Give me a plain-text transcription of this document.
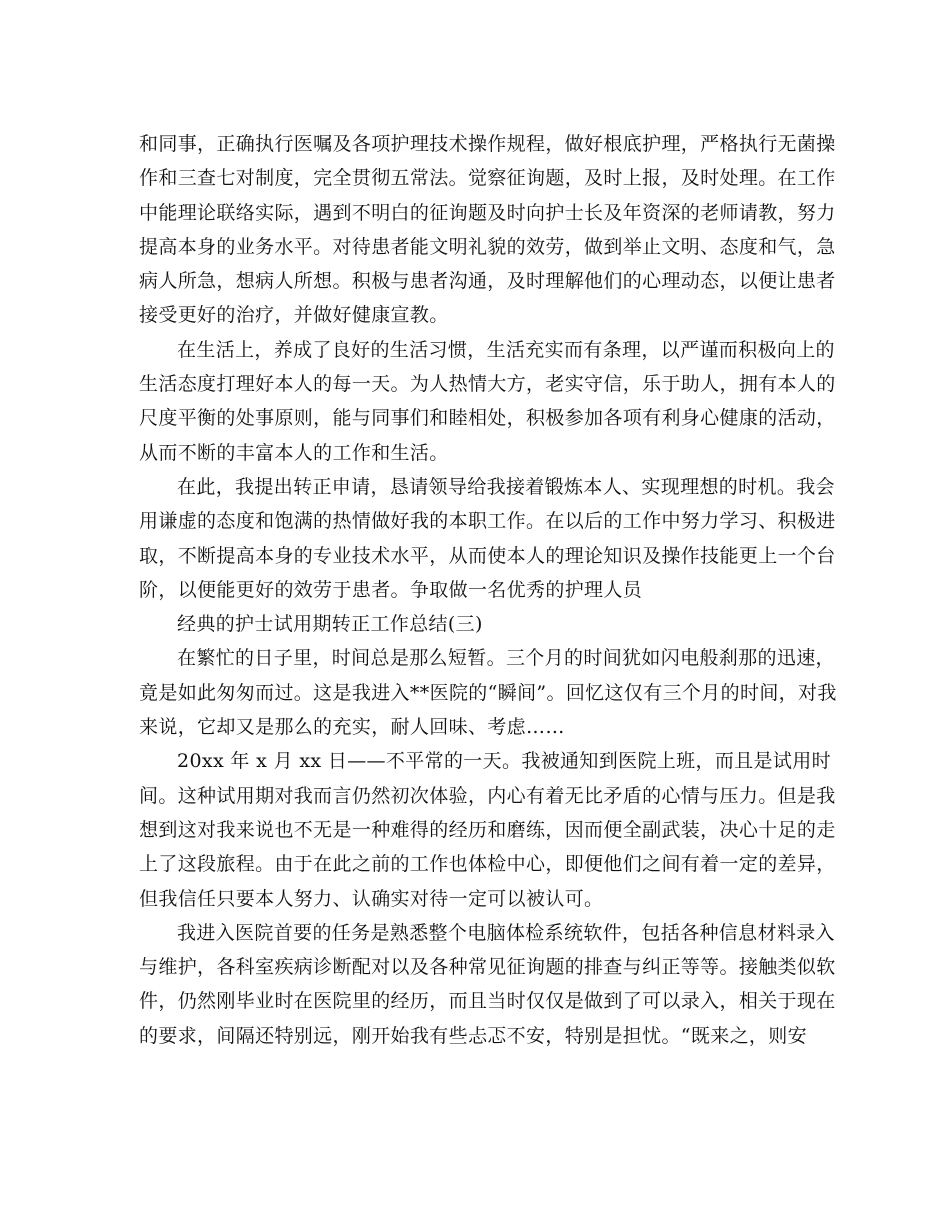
和同事，正确执行医嘱及各项护理技术操作规程，做好根底护理，严格执行无菌操
作和三查七对制度，完全贯彻五常法。觉察征询题，及时上报，及时处理。在工作
中能理论联络实际，遇到不明白的征询题及时向护士长及年资深的老师请教，努力
提高本身的业务水平。对待患者能文明礼貌的效劳，做到举止文明、态度和气，急
病人所急，想病人所想。积极与患者沟通，及时理解他们的心理动态，以便让患者
接受更好的治疗，并做好健康宣教。
在生活上，养成了良好的生活习惯，生活充实而有条理，以严谨而积极向上的
生活态度打理好本人的每一天。为人热情大方，老实守信，乐于助人，拥有本人的
尺度平衡的处事原则，能与同事们和睦相处，积极参加各项有利身心健康的活动，
从而不断的丰富本人的工作和生活。
在此，我提出转正申请，恳请领导给我接着锻炼本人、实现理想的时机。我会
用谦虚的态度和饱满的热情做好我的本职工作。在以后的工作中努力学习、积极进
取，不断提高本身的专业技术水平，从而使本人的理论知识及操作技能更上一个台
阶，以便能更好的效劳于患者。争取做一名优秀的护理人员
经典的护士试用期转正工作总结(三)
在繁忙的日子里，时间总是那么短暂。三个月的时间犹如闪电般刹那的迅速，
竟是如此匆匆而过。这是我进入**医院的“瞬间”。回忆这仅有三个月的时间，对我
来说，它却又是那么的充实，耐人回味、考虑……
20xx 年 x 月 xx 日——不平常的一天。我被通知到医院上班，而且是试用时
间。这种试用期对我而言仍然初次体验，内心有着无比矛盾的心情与压力。但是我
想到这对我来说也不无是一种难得的经历和磨练，因而便全副武装，决心十足的走
上了这段旅程。由于在此之前的工作也体检中心，即便他们之间有着一定的差异，
但我信任只要本人努力、认确实对待一定可以被认可。
我进入医院首要的任务是熟悉整个电脑体检系统软件，包括各种信息材料录入
与维护，各科室疾病诊断配对以及各种常见征询题的排查与纠正等等。接触类似软
件，仍然刚毕业时在医院里的经历，而且当时仅仅是做到了可以录入，相关于现在
的要求，间隔还特别远，刚开始我有些忐忑不安，特别是担忧。“既来之，则安
